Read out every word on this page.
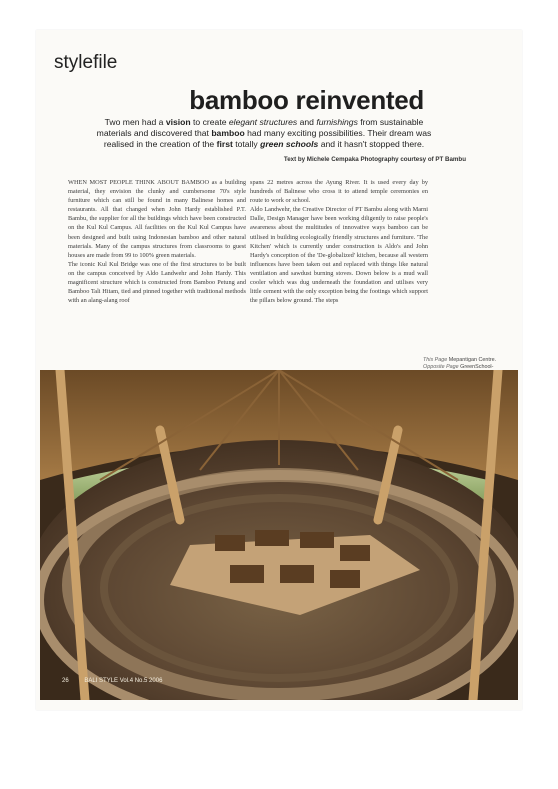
stylefile
bamboo reinvented
Two men had a vision to create elegant structures and furnishings from sustainable materials and discovered that bamboo had many exciting possibilities. Their dream was realised in the creation of the first totally green schools and it hasn't stopped there.
Text by Michele Cempaka Photography courtesy of PT Bambu

WHEN MOST PEOPLE THINK ABOUT BAMBOO as a building material, they envision the clunky and cumbersome 70's style furniture which can still be found in many Balinese homes and restaurants. All that changed when John Hardy established P.T. Bambu, the supplier for all the buildings which have been constructed on the Kul Kul Campus. All facilities on the Kul Kul Campus have been designed and built using Indonesian bamboo and other natural materials. Many of the campus structures from classrooms to guest houses are made from 99 to 100% green materials.

The iconic Kul Kul Bridge was one of the first structures to be built on the campus conceived by Aldo Landwehr and John Hardy. This magnificent structure which is constructed from Bamboo Petung and Bamboo Tali Hitam, tied and pinned together with traditional methods with an alang-alang roof

spans 22 metres across the Ayung River. It is used every day by hundreds of Balinese who cross it to attend temple ceremonies en route to work or school.

Aldo Landwehr, the Creative Director of PT Bambu along with Marni Dalle, Design Manager have been working diligently to raise people's awareness about the multitudes of innovative ways bamboo can be utilised in building ecologically friendly structures and furniture. 'The Kitchen' which is currently under construction is Aldo's and John Hardy's conception of the 'De-globalized' kitchen, because all western influences have been taken out and replaced with things like natural ventilation and sawdust burning stoves. Down below is a mud wall cooler which was dug underneath the foundation and utilises very little cement with the only exception being the footings which support the pillars below ground. The steps

This Page Mepantigan Centre.
Opposite Page GreenSchool-
26	BALI STYLE Vol.4 No.5 2006
